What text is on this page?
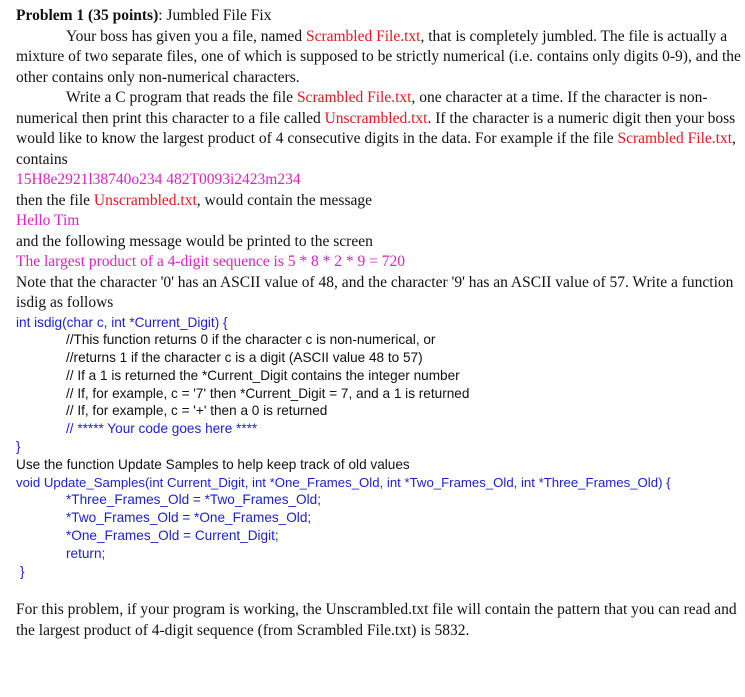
Problem 1 (35 points): Jumbled File Fix

Your boss has given you a file, named Scrambled File.txt, that is completely jumbled. The file is actually a mixture of two separate files, one of which is supposed to be strictly numerical (i.e. contains only digits 0-9), and the other contains only non-numerical characters.

Write a C program that reads the file Scrambled File.txt, one character at a time. If the character is non-numerical then print this character to a file called Unscrambled.txt. If the character is a numeric digit then your boss would like to know the largest product of 4 consecutive digits in the data. For example if the file Scrambled File.txt, contains

15H8e2921l38740o234 482T0093i2423m234

then the file Unscrambled.txt, would contain the message

Hello Tim

and the following message would be printed to the screen

The largest product of a 4-digit sequence is 5 * 8 * 2 * 9 = 720

Note that the character '0' has an ASCII value of 48, and the character '9' has an ASCII value of 57. Write a function isdig as follows

int isdig(char c, int *Current_Digit) {
//This function returns 0 if the character c is non-numerical, or
//returns 1 if the character c is a digit (ASCII value 48 to 57)
// If a 1 is returned the *Current_Digit contains the integer number
// If, for example, c = '7' then *Current_Digit = 7, and a 1 is returned
// If, for example, c = '+' then a 0 is returned
// ***** Your code goes here ****
}
Use the function Update Samples to help keep track of old values
void Update_Samples(int Current_Digit, int *One_Frames_Old, int *Two_Frames_Old, int *Three_Frames_Old) {
*Three_Frames_Old = *Two_Frames_Old;
*Two_Frames_Old = *One_Frames_Old;
*One_Frames_Old = Current_Digit;
return;
}

For this problem, if your program is working, the Unscrambled.txt file will contain the pattern that you can read and the largest product of 4-digit sequence (from Scrambled File.txt) is 5832.
